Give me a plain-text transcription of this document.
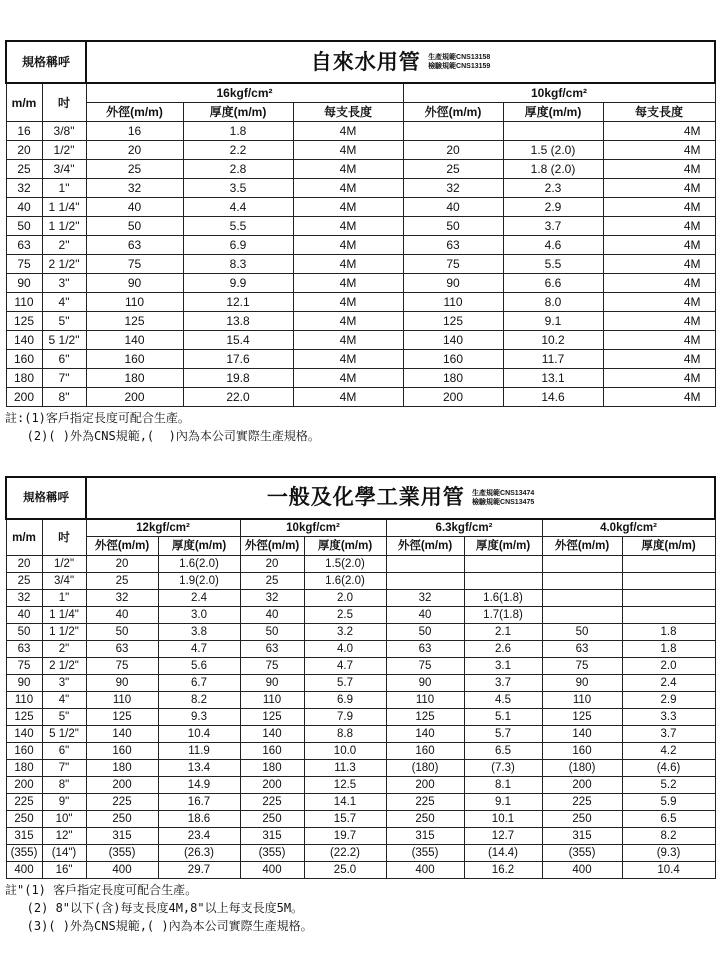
規格稱呼		自來水用管 生產規範CNS13158
檢驗規範CNS13159					
m/m	吋	16kgf/cm²			10kgf/cm²		
		外徑(m/m)	厚度(m/m)	每支長度	外徑(m/m)	厚度(m/m)	每支長度
16	3/8"	16	1.8	4M			4M
20	1/2"	20	2.2	4M	20	1.5 (2.0)	4M
25	3/4"	25	2.8	4M	25	1.8 (2.0)	4M
32	1"	32	3.5	4M	32	2.3	4M
40	1 1/4"	40	4.4	4M	40	2.9	4M
50	1 1/2"	50	5.5	4M	50	3.7	4M
63	2"	63	6.9	4M	63	4.6	4M
75	2 1/2"	75	8.3	4M	75	5.5	4M
90	3"	90	9.9	4M	90	6.6	4M
110	4"	110	12.1	4M	110	8.0	4M
125	5"	125	13.8	4M	125	9.1	4M
140	5 1/2"	140	15.4	4M	140	10.2	4M
160	6"	160	17.6	4M	160	11.7	4M
180	7"	180	19.8	4M	180	13.1	4M
200	8"	200	22.0	4M	200	14.6	4M
註:(1)客戶指定長度可配合生產。
(2)( )外為CNS規範,(  )內為本公司實際生產規格。
規格稱呼		一般及化學工業用管 生產規範CNS13474
檢驗規範CNS13475							
m/m	吋	12kgf/cm²		10kgf/cm²		6.3kgf/cm²		4.0kgf/cm²	
		外徑(m/m)	厚度(m/m)	外徑(m/m)	厚度(m/m)	外徑(m/m)	厚度(m/m)	外徑(m/m)	厚度(m/m)
20	1/2"	20	1.6(2.0)	20	1.5(2.0)				
25	3/4"	25	1.9(2.0)	25	1.6(2.0)				
32	1"	32	2.4	32	2.0	32	1.6(1.8)		
40	1 1/4"	40	3.0	40	2.5	40	1.7(1.8)		
50	1 1/2"	50	3.8	50	3.2	50	2.1	50	1.8
63	2"	63	4.7	63	4.0	63	2.6	63	1.8
75	2 1/2"	75	5.6	75	4.7	75	3.1	75	2.0
90	3"	90	6.7	90	5.7	90	3.7	90	2.4
110	4"	110	8.2	110	6.9	110	4.5	110	2.9
125	5"	125	9.3	125	7.9	125	5.1	125	3.3
140	5 1/2"	140	10.4	140	8.8	140	5.7	140	3.7
160	6"	160	11.9	160	10.0	160	6.5	160	4.2
180	7"	180	13.4	180	11.3	(180)	(7.3)	(180)	(4.6)
200	8"	200	14.9	200	12.5	200	8.1	200	5.2
225	9"	225	16.7	225	14.1	225	9.1	225	5.9
250	10"	250	18.6	250	15.7	250	10.1	250	6.5
315	12"	315	23.4	315	19.7	315	12.7	315	8.2
(355)	(14")	(355)	(26.3)	(355)	(22.2)	(355)	(14.4)	(355)	(9.3)
400	16"	400	29.7	400	25.0	400	16.2	400	10.4
註"(1) 客戶指定長度可配合生產。
(2) 8"以下(含)每支長度4M,8"以上每支長度5M。
(3)( )外為CNS規範,( )內為本公司實際生產規格。
